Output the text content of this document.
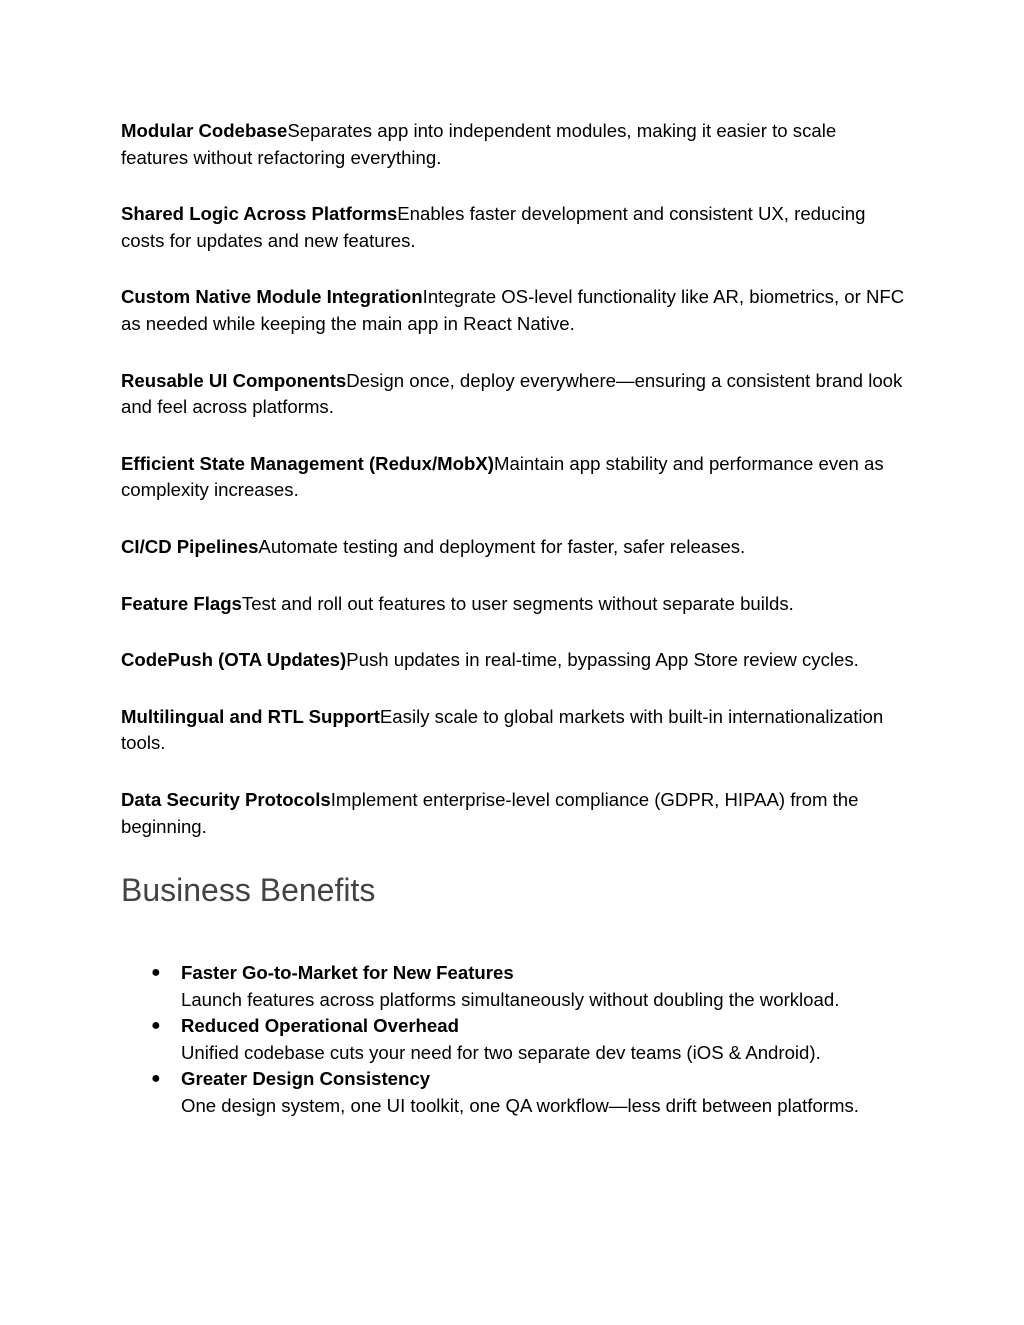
Modular CodebaseSeparates app into independent modules, making it easier to scale features without refactoring everything.
Shared Logic Across PlatformsEnables faster development and consistent UX, reducing costs for updates and new features.
Custom Native Module IntegrationIntegrate OS-level functionality like AR, biometrics, or NFC as needed while keeping the main app in React Native.
Reusable UI ComponentsDesign once, deploy everywhere—ensuring a consistent brand look and feel across platforms.
Efficient State Management (Redux/MobX)Maintain app stability and performance even as complexity increases.
CI/CD PipelinesAutomate testing and deployment for faster, safer releases.
Feature FlagsTest and roll out features to user segments without separate builds.
CodePush (OTA Updates)Push updates in real-time, bypassing App Store review cycles.
Multilingual and RTL SupportEasily scale to global markets with built-in internationalization tools.
Data Security ProtocolsImplement enterprise-level compliance (GDPR, HIPAA) from the beginning.
Business Benefits
● Faster Go-to-Market for New Features
Launch features across platforms simultaneously without doubling the workload.
● Reduced Operational Overhead
Unified codebase cuts your need for two separate dev teams (iOS & Android).
● Greater Design Consistency
One design system, one UI toolkit, one QA workflow—less drift between platforms.
